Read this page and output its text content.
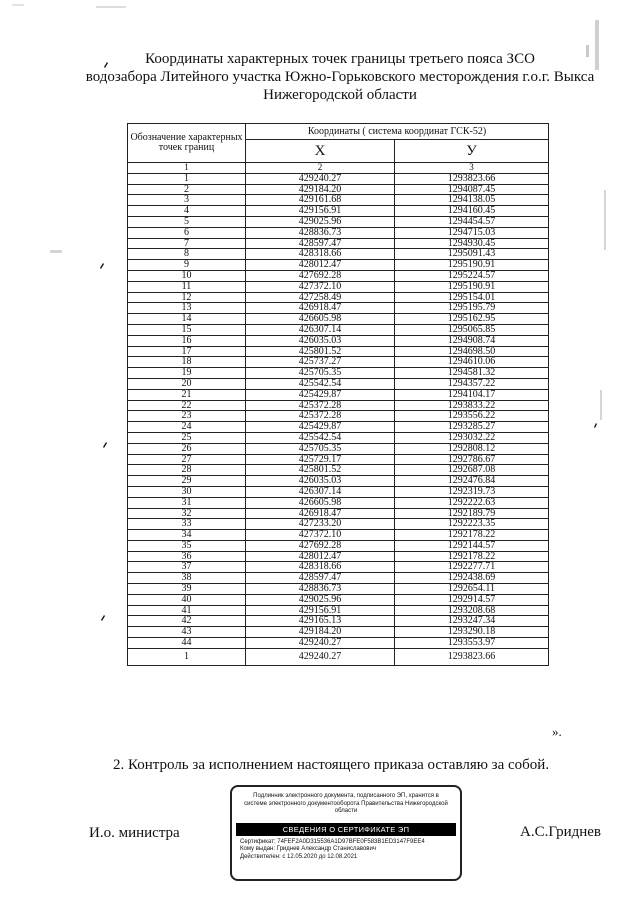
Координаты характерных точек границы третьего пояса ЗСО
водозабора Литейного участка Южно-Горьковского месторождения г.о.г. Выкса
Нижегородской области
Обозначение характерных точек границ	Координаты ( система координат ГСК-52)	
	X	У
1	2	3
1	429240.27	1293823.66
2	429184.20	1294087.45
3	429161.68	1294138.05
4	429156.91	1294160.45
5	429025.96	1294454.57
6	428836.73	1294715.03
7	428597.47	1294930.45
8	428318.66	1295091.43
9	428012.47	1295190.91
10	427692.28	1295224.57
11	427372.10	1295190.91
12	427258.49	1295154.01
13	426918.47	1295195.79
14	426605.98	1295162.95
15	426307.14	1295065.85
16	426035.03	1294908.74
17	425801.52	1294698.50
18	425737.27	1294610.06
19	425705.35	1294581.32
20	425542.54	1294357.22
21	425429.87	1294104.17
22	425372.28	1293833.22
23	425372.28	1293556.22
24	425429.87	1293285.27
25	425542.54	1293032.22
26	425705.35	1292808.12
27	425729.17	1292786.67
28	425801.52	1292687.08
29	426035.03	1292476.84
30	426307.14	1292319.73
31	426605.98	1292222.63
32	426918.47	1292189.79
33	427233.20	1292223.35
34	427372.10	1292178.22
35	427692.28	1292144.57
36	428012.47	1292178.22
37	428318.66	1292277.71
38	428597.47	1292438.69
39	428836.73	1292654.11
40	429025.96	1292914.57
41	429156.91	1293208.68
42	429165.13	1293247.34
43	429184.20	1293290.18
44	429240.27	1293553.97
1	429240.27	1293823.66
».
2. Контроль за исполнением настоящего приказа оставляю за собой.
И.о. министра	А.С.Гриднев
Подлинник электронного документа, подписанного ЭП, хранится в системе электронного документооборота Правительства Нижегородской области
СВЕДЕНИЯ О СЕРТИФИКАТЕ ЭП
Сертификат: 74FEF2A0D315536A1D97BFE0F583B1ED3147F9EE4
Кому выдан: Гриднев Александр Станиславович
Действителен: с 12.05.2020 до 12.08.2021
